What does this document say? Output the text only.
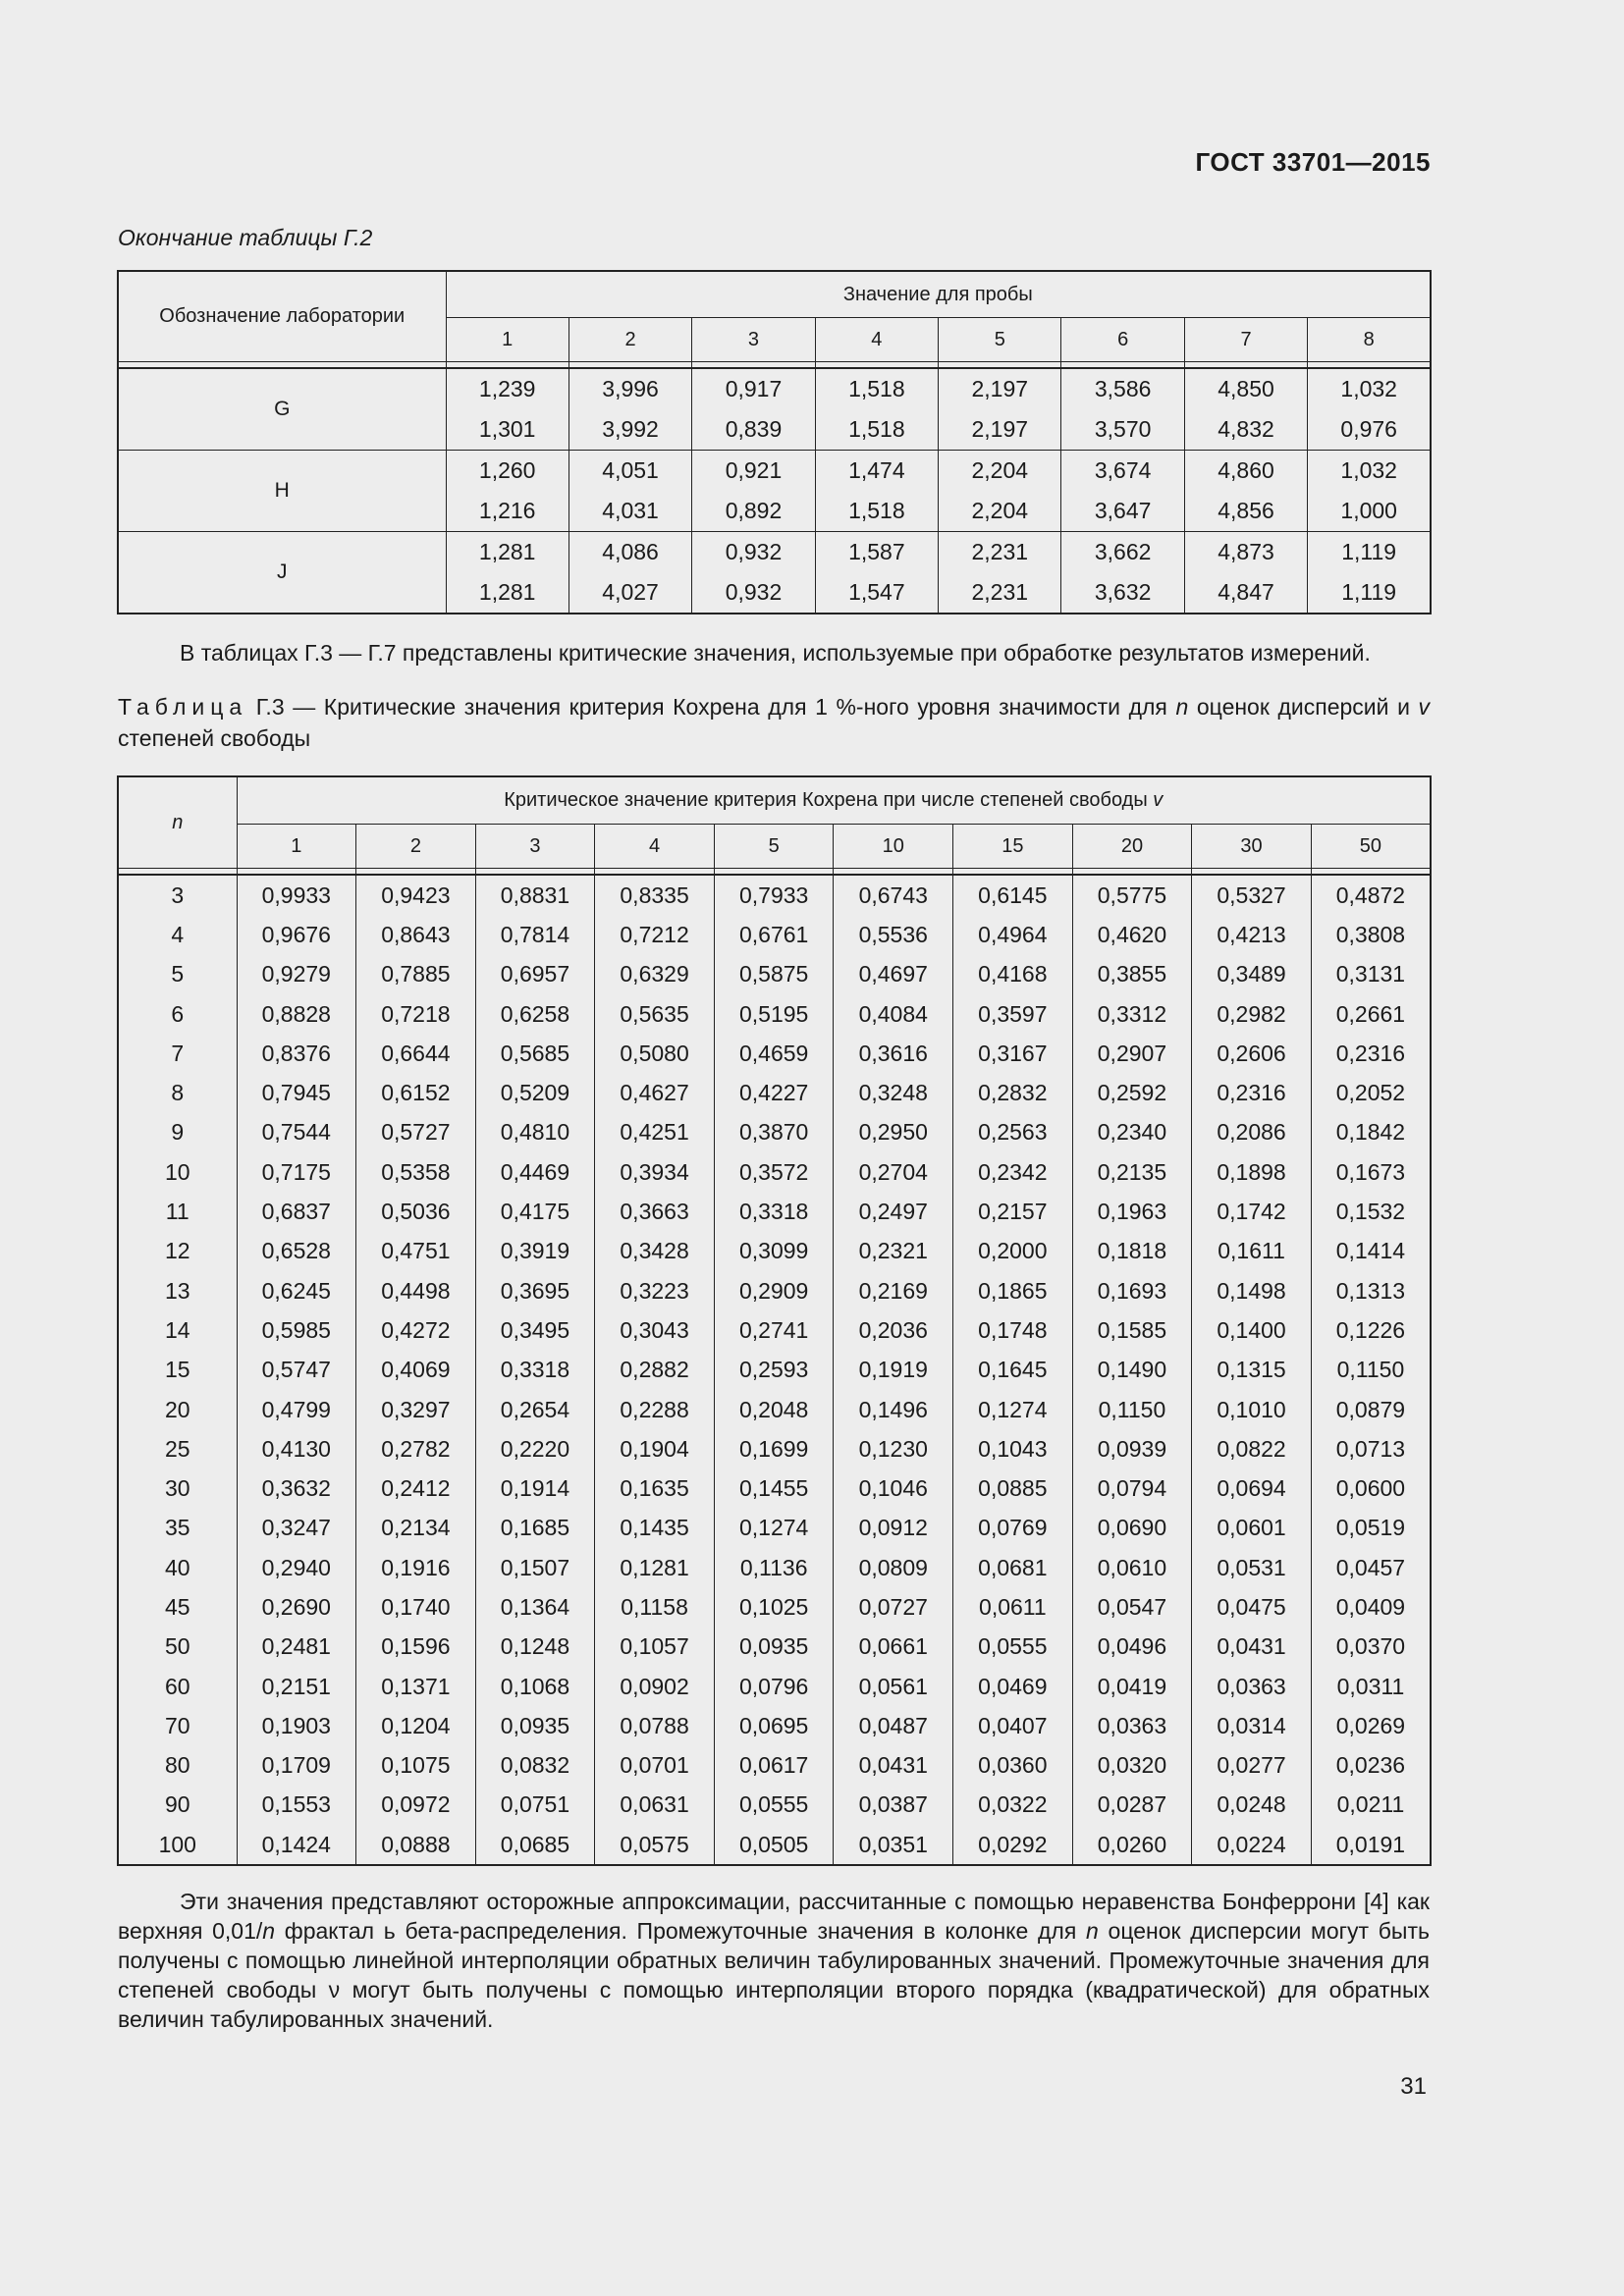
ГОСТ 33701—2015
Окончание таблицы Г.2
Обозначение лаборатории	Значение для пробы							
	1	2	3	4	5	6	7	8

G	1,239	3,996	0,917	1,518	2,197	3,586	4,850	1,032
	1,301	3,992	0,839	1,518	2,197	3,570	4,832	0,976
H	1,260	4,051	0,921	1,474	2,204	3,674	4,860	1,032
	1,216	4,031	0,892	1,518	2,204	3,647	4,856	1,000
J	1,281	4,086	0,932	1,587	2,231	3,662	4,873	1,119
	1,281	4,027	0,932	1,547	2,231	3,632	4,847	1,119
В таблицах Г.3 — Г.7 представлены критические значения, используемые при обработке результатов измерений.
Таблица Г.3 — Критические значения критерия Кохрена для 1 %-ного уровня значимости для n оценок дисперсий и v степеней свободы
n	Критическое значение критерия Кохрена при числе степеней свободы v									
	1	2	3	4	5	10	15	20	30	50

3	0,9933	0,9423	0,8831	0,8335	0,7933	0,6743	0,6145	0,5775	0,5327	0,4872
4	0,9676	0,8643	0,7814	0,7212	0,6761	0,5536	0,4964	0,4620	0,4213	0,3808
5	0,9279	0,7885	0,6957	0,6329	0,5875	0,4697	0,4168	0,3855	0,3489	0,3131
6	0,8828	0,7218	0,6258	0,5635	0,5195	0,4084	0,3597	0,3312	0,2982	0,2661
7	0,8376	0,6644	0,5685	0,5080	0,4659	0,3616	0,3167	0,2907	0,2606	0,2316
8	0,7945	0,6152	0,5209	0,4627	0,4227	0,3248	0,2832	0,2592	0,2316	0,2052
9	0,7544	0,5727	0,4810	0,4251	0,3870	0,2950	0,2563	0,2340	0,2086	0,1842
10	0,7175	0,5358	0,4469	0,3934	0,3572	0,2704	0,2342	0,2135	0,1898	0,1673
11	0,6837	0,5036	0,4175	0,3663	0,3318	0,2497	0,2157	0,1963	0,1742	0,1532
12	0,6528	0,4751	0,3919	0,3428	0,3099	0,2321	0,2000	0,1818	0,1611	0,1414
13	0,6245	0,4498	0,3695	0,3223	0,2909	0,2169	0,1865	0,1693	0,1498	0,1313
14	0,5985	0,4272	0,3495	0,3043	0,2741	0,2036	0,1748	0,1585	0,1400	0,1226
15	0,5747	0,4069	0,3318	0,2882	0,2593	0,1919	0,1645	0,1490	0,1315	0,1150
20	0,4799	0,3297	0,2654	0,2288	0,2048	0,1496	0,1274	0,1150	0,1010	0,0879
25	0,4130	0,2782	0,2220	0,1904	0,1699	0,1230	0,1043	0,0939	0,0822	0,0713
30	0,3632	0,2412	0,1914	0,1635	0,1455	0,1046	0,0885	0,0794	0,0694	0,0600
35	0,3247	0,2134	0,1685	0,1435	0,1274	0,0912	0,0769	0,0690	0,0601	0,0519
40	0,2940	0,1916	0,1507	0,1281	0,1136	0,0809	0,0681	0,0610	0,0531	0,0457
45	0,2690	0,1740	0,1364	0,1158	0,1025	0,0727	0,0611	0,0547	0,0475	0,0409
50	0,2481	0,1596	0,1248	0,1057	0,0935	0,0661	0,0555	0,0496	0,0431	0,0370
60	0,2151	0,1371	0,1068	0,0902	0,0796	0,0561	0,0469	0,0419	0,0363	0,0311
70	0,1903	0,1204	0,0935	0,0788	0,0695	0,0487	0,0407	0,0363	0,0314	0,0269
80	0,1709	0,1075	0,0832	0,0701	0,0617	0,0431	0,0360	0,0320	0,0277	0,0236
90	0,1553	0,0972	0,0751	0,0631	0,0555	0,0387	0,0322	0,0287	0,0248	0,0211
100	0,1424	0,0888	0,0685	0,0575	0,0505	0,0351	0,0292	0,0260	0,0224	0,0191
Эти значения представляют осторожные аппроксимации, рассчитанные с помощью неравенства Бонферрони [4] как верхняя 0,01/n фрактал ь бета-распределения. Промежуточные значения в колонке для n оценок дисперсии могут быть получены с помощью линейной интерполяции обратных величин табулированных значений. Промежуточные значения для степеней свободы ν могут быть получены с помощью интерполяции второго порядка (квадратической) для обратных величин табулированных значений.
31
